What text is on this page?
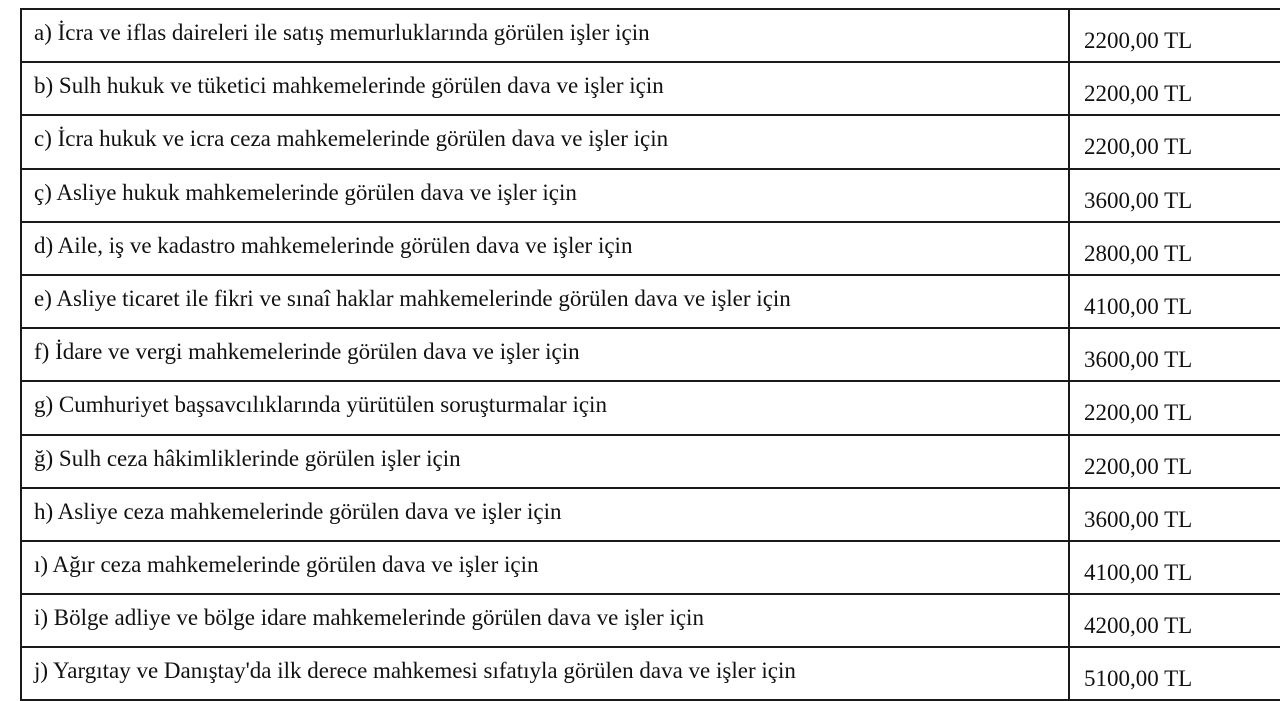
a) İcra ve iflas daireleri ile satış memurluklarında görülen işler için	2200,00 TL
b) Sulh hukuk ve tüketici mahkemelerinde görülen dava ve işler için	2200,00 TL
c) İcra hukuk ve icra ceza mahkemelerinde görülen dava ve işler için	2200,00 TL
ç) Asliye hukuk mahkemelerinde görülen dava ve işler için	3600,00 TL
d) Aile, iş ve kadastro mahkemelerinde görülen dava ve işler için	2800,00 TL
e) Asliye ticaret ile fikri ve sınaî haklar mahkemelerinde görülen dava ve işler için	4100,00 TL
f) İdare ve vergi mahkemelerinde görülen dava ve işler için	3600,00 TL
g) Cumhuriyet başsavcılıklarında yürütülen soruşturmalar için	2200,00 TL
ğ) Sulh ceza hâkimliklerinde görülen işler için	2200,00 TL
h) Asliye ceza mahkemelerinde görülen dava ve işler için	3600,00 TL
ı) Ağır ceza mahkemelerinde görülen dava ve işler için	4100,00 TL
i) Bölge adliye ve bölge idare mahkemelerinde görülen dava ve işler için	4200,00 TL
j) Yargıtay ve Danıştay'da ilk derece mahkemesi sıfatıyla görülen dava ve işler için	5100,00 TL
